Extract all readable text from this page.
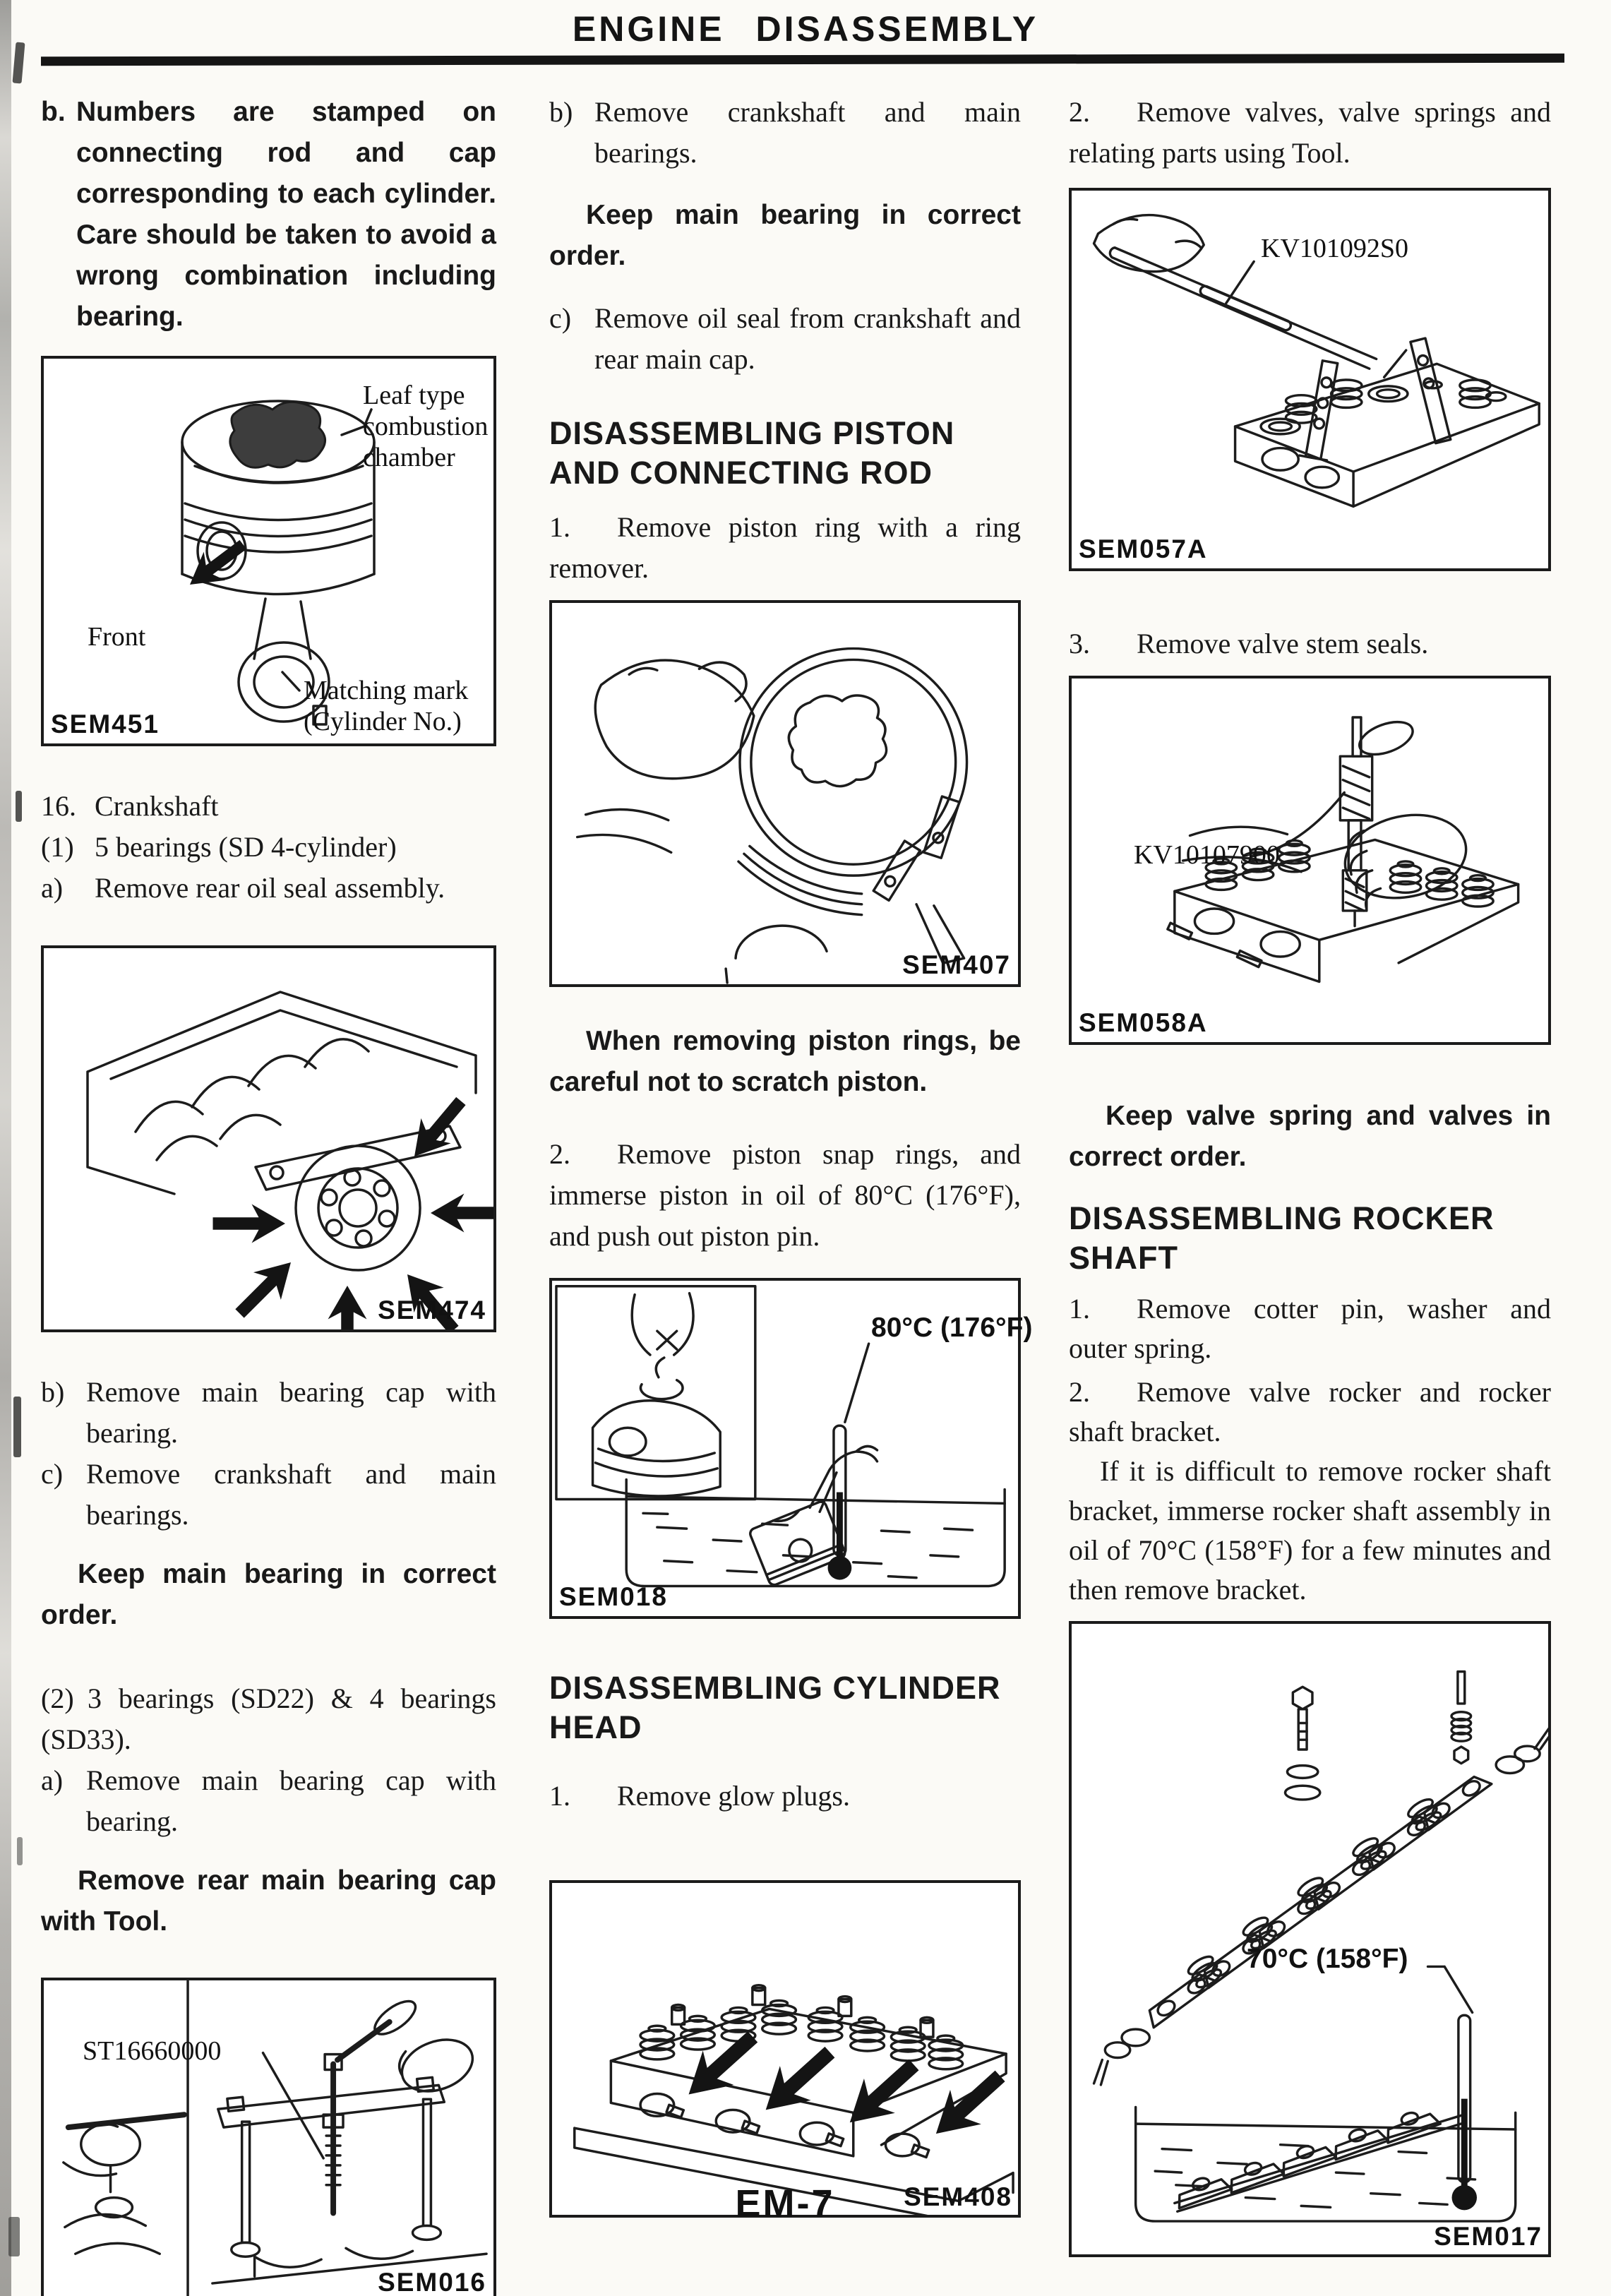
ENGINE DISASSEMBLY

b. Numbers are stamped on connecting rod and cap corresponding to each cylinder. Care should be taken to avoid a wrong combination including bearing.

Leaf type combustion chamber
Front
Matching mark (Cylinder No.)
SEM451

16. Crankshaft

(1) 5 bearings (SD 4-cylinder)

a) Remove rear oil seal assembly.

SEM474

b) Remove main bearing cap with bearing.

c) Remove crankshaft and main bearings.

Keep main bearing in correct order.

(2) 3 bearings (SD22) & 4 bearings (SD33).

a) Remove main bearing cap with bearing.

Remove rear main bearing cap with Tool.

ST16660000
SEM016

b) Remove crankshaft and main bearings.

Keep main bearing in correct order.

c) Remove oil seal from crankshaft and rear main cap.

DISASSEMBLING PISTON AND CONNECTING ROD

1. Remove piston ring with a ring remover.

SEM407

When removing piston rings, be careful not to scratch piston.

2. Remove piston snap rings, and immerse piston in oil of 80°C (176°F), and push out piston pin.

80°C (176°F)
SEM018

DISASSEMBLING CYLINDER HEAD

1. Remove glow plugs.

SEM408

2. Remove valves, valve springs and relating parts using Tool.

KV101092S0
SEM057A

3. Remove valve stem seals.

KV10107900
SEM058A

Keep valve spring and valves in correct order.

DISASSEMBLING ROCKER SHAFT

1. Remove cotter pin, washer and outer spring.

2. Remove valve rocker and rocker shaft bracket.

If it is difficult to remove rocker shaft bracket, immerse rocker shaft assembly in oil of 70°C (158°F) for a few minutes and then remove bracket.

70°C (158°F)
SEM017
EM-7
